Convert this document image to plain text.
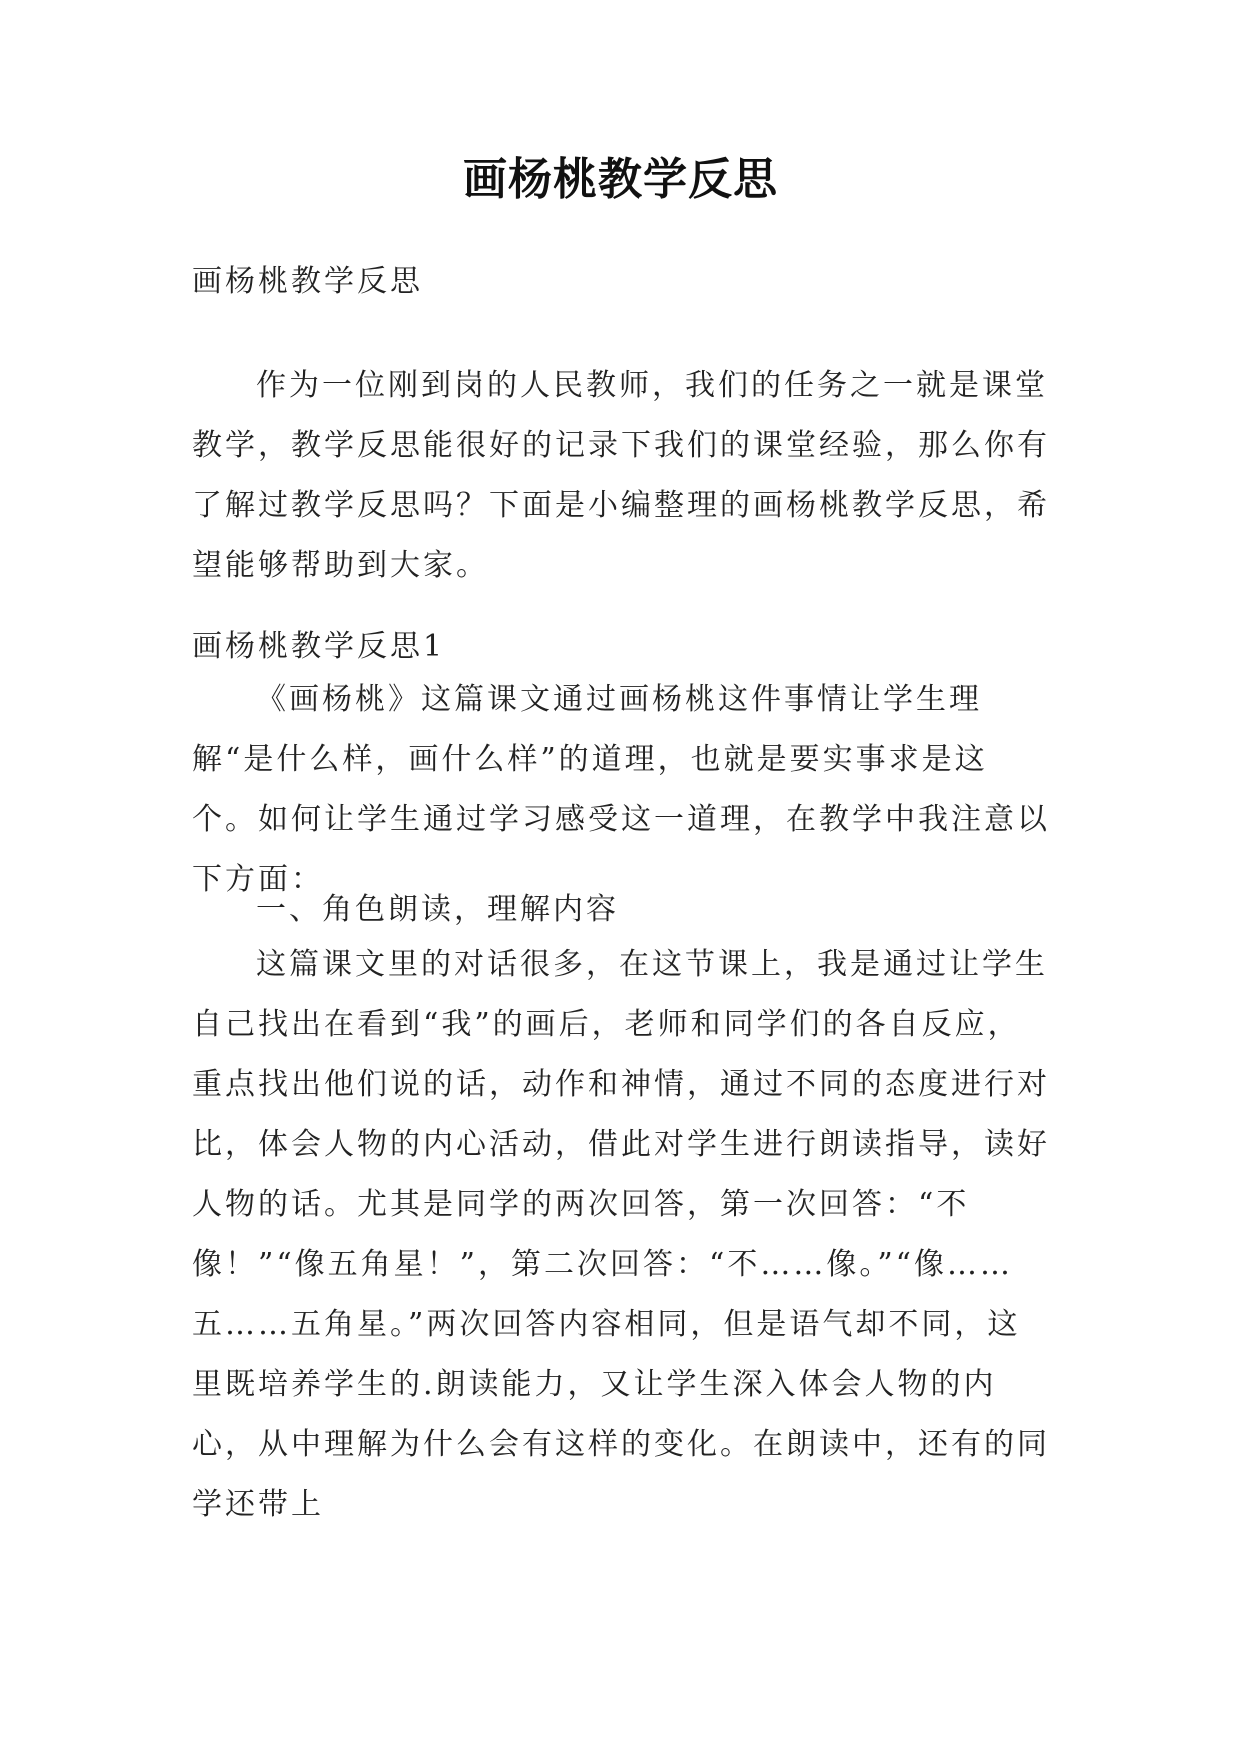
画杨桃教学反思

画杨桃教学反思

作为一位刚到岗的人民教师，我们的任务之一就是课堂教学，教学反思能很好的记录下我们的课堂经验，那么你有了解过教学反思吗？下面是小编整理的画杨桃教学反思，希望能够帮助到大家。

画杨桃教学反思1

《画杨桃》这篇课文通过画杨桃这件事情让学生理解“是什么样，画什么样”的道理，也就是要实事求是这个。如何让学生通过学习感受这一道理，在教学中我注意以下方面：

一、角色朗读，理解内容

这篇课文里的对话很多，在这节课上，我是通过让学生自己找出在看到“我”的画后，老师和同学们的各自反应，重点找出他们说的话，动作和神情，通过不同的态度进行对比，体会人物的内心活动，借此对学生进行朗读指导，读好人物的话。尤其是同学的两次回答，第一次回答：“不像！”“像五角星！”，第二次回答：“不……像。”“像……五……五角星。”两次回答内容相同，但是语气却不同，这里既培养学生的.朗读能力，又让学生深入体会人物的内心，从中理解为什么会有这样的变化。在朗读中，还有的同学还带上
